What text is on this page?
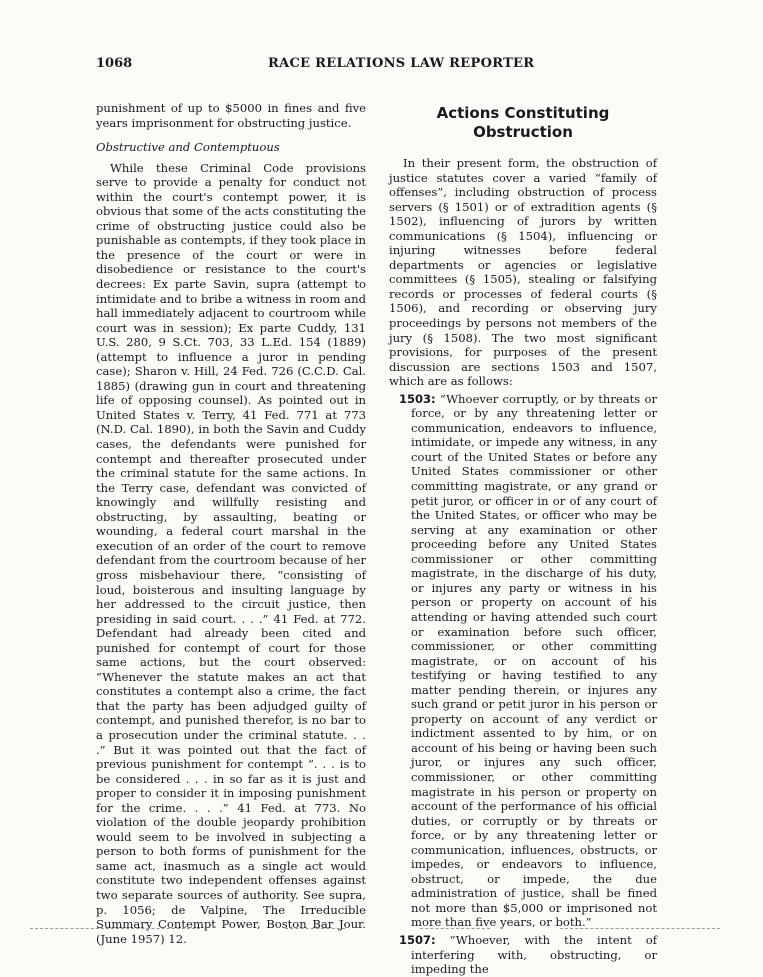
1068	RACE RELATIONS LAW REPORTER

punishment of up to $5000 in fines and five years imprisonment for obstructing justice.

Obstructive and Contemptuous

While these Criminal Code provisions serve to provide a penalty for conduct not within the court's contempt power, it is obvious that some of the acts constituting the crime of obstructing justice could also be punishable as contempts, if they took place in the presence of the court or were in disobedience or resistance to the court's decrees: Ex parte Savin, supra (attempt to intimidate and to bribe a witness in room and hall immediately adjacent to courtroom while court was in session); Ex parte Cuddy, 131 U.S. 280, 9 S.Ct. 703, 33 L.Ed. 154 (1889) (attempt to influence a juror in pending case); Sharon v. Hill, 24 Fed. 726 (C.C.D. Cal. 1885) (drawing gun in court and threatening life of opposing counsel). As pointed out in United States v. Terry, 41 Fed. 771 at 773 (N.D. Cal. 1890), in both the Savin and Cuddy cases, the defendants were punished for contempt and thereafter prosecuted under the criminal statute for the same actions. In the Terry case, defendant was convicted of knowingly and willfully resisting and obstructing, by assaulting, beating or wounding, a federal court marshal in the execution of an order of the court to remove defendant from the courtroom because of her gross misbehaviour there, “consisting of loud, boisterous and insulting language by her addressed to the circuit justice, then presiding in said court. . . .” 41 Fed. at 772. Defendant had already been cited and punished for contempt of court for those same actions, but the court observed: “Whenever the statute makes an act that constitutes a contempt also a crime, the fact that the party has been adjudged guilty of contempt, and punished therefor, is no bar to a prosecution under the criminal statute. . . .” But it was pointed out that the fact of previous punishment for contempt “. . . is to be considered . . . in so far as it is just and proper to consider it in imposing punishment for the crime. . . .” 41 Fed. at 773. No violation of the double jeopardy prohibition would seem to be involved in subjecting a person to both forms of punishment for the same act, inasmuch as a single act would constitute two independent offenses against two separate sources of authority. See supra, p. 1056; de Valpine, The Irreducible Summary Contempt Power, Boston Bar Jour. (June 1957) 12.

Actions Constituting Obstruction

In their present form, the obstruction of justice statutes cover a varied “family of offenses”, including obstruction of process servers (§ 1501) or of extradition agents (§ 1502), influencing of jurors by written communications (§ 1504), influencing or injuring witnesses before federal departments or agencies or legislative committees (§ 1505), stealing or falsifying records or processes of federal courts (§ 1506), and recording or observing jury proceedings by persons not members of the jury (§ 1508). The two most significant provisions, for purposes of the present discussion are sections 1503 and 1507, which are as follows:

1503: “Whoever corruptly, or by threats or force, or by any threatening letter or communication, endeavors to influence, intimidate, or impede any witness, in any court of the United States or before any United States commissioner or other committing magistrate, or any grand or petit juror, or officer in or of any court of the United States, or officer who may be serving at any examination or other proceeding before any United States commissioner or other committing magistrate, in the discharge of his duty, or injures any party or witness in his person or property on account of his attending or having attended such court or examination before such officer, commissioner, or other committing magistrate, or on account of his testifying or having testified to any matter pending therein, or injures any such grand or petit juror in his person or property on account of any verdict or indictment assented to by him, or on account of his being or having been such juror, or injures any such officer, commissioner, or other committing magistrate in his person or property on account of the performance of his official duties, or corruptly or by threats or force, or by any threatening letter or communication, influences, obstructs, or impedes, or endeavors to influence, obstruct, or impede, the due administration of justice, shall be fined not more than $5,000 or imprisoned not more than five years, or both.”

1507: “Whoever, with the intent of interfering with, obstructing, or impeding the
